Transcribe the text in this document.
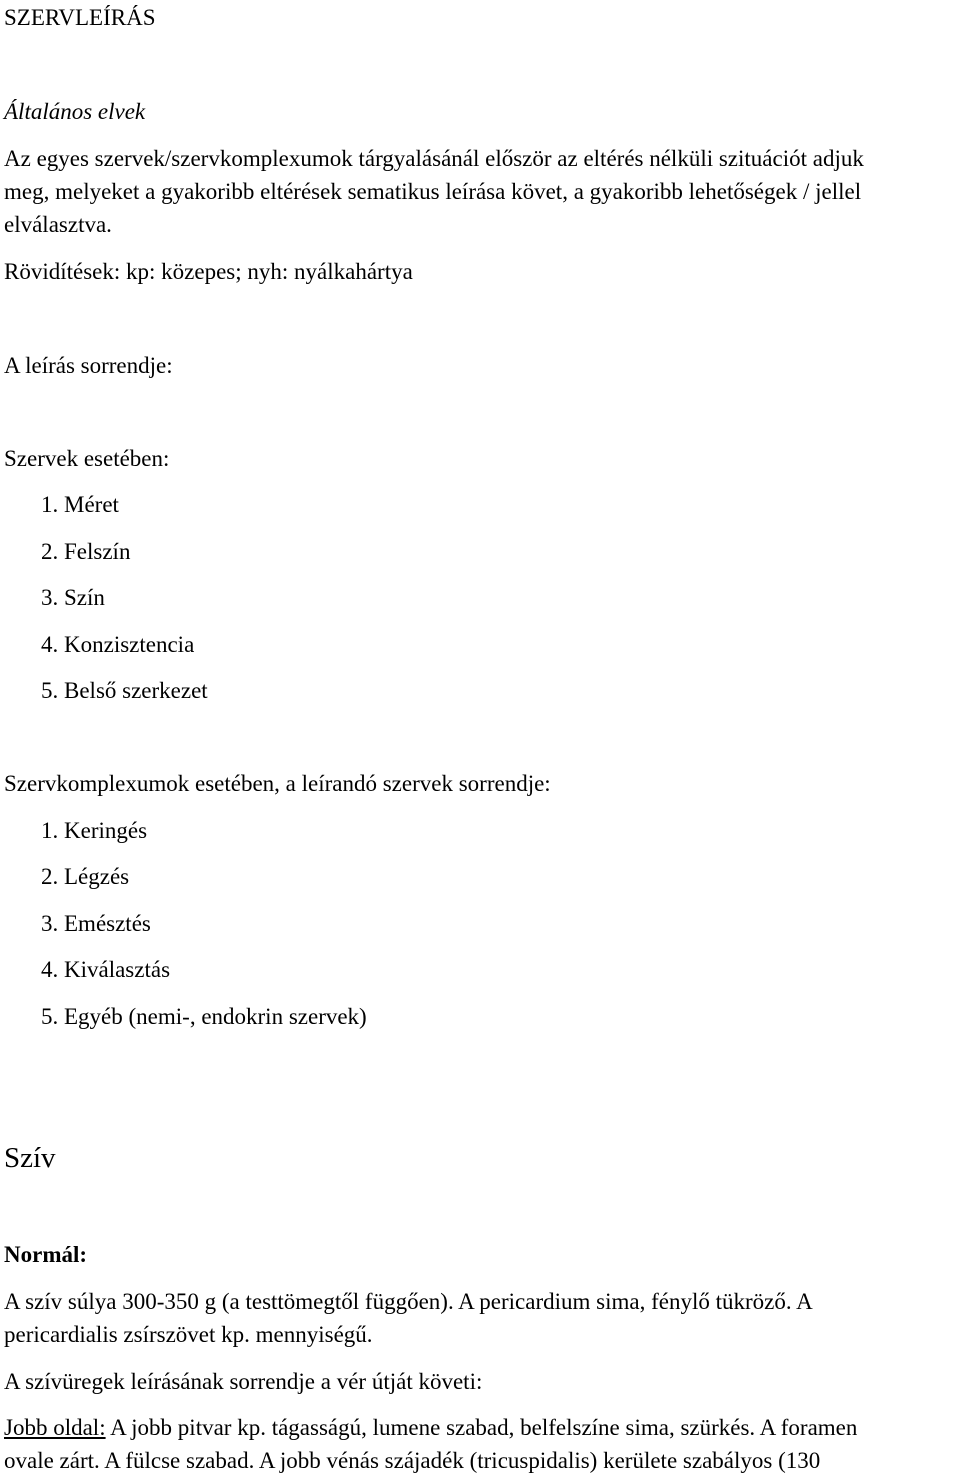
SZERVLEÍRÁS

Általános elvek

Az egyes szervek/szervkomplexumok tárgyalásánál először az eltérés nélküli szituációt adjuk

meg, melyeket a gyakoribb eltérések sematikus leírása követ, a gyakoribb lehetőségek / jellel

elválasztva.

Rövidítések: kp: közepes; nyh: nyálkahártya

A leírás sorrendje:

Szervek esetében:

1. Méret

2. Felszín

3. Szín

4. Konzisztencia

5. Belső szerkezet

Szervkomplexumok esetében, a leírandó szervek sorrendje:

1. Keringés

2. Légzés

3. Emésztés

4. Kiválasztás

5. Egyéb (nemi-, endokrin szervek)

Szív

Normál:

A szív súlya 300-350 g (a testtömegtől függően). A pericardium sima, fénylő tükröző. A

pericardialis zsírszövet kp. mennyiségű.

A szívüregek leírásának sorrendje a vér útját követi:

Jobb oldal: A jobb pitvar kp. tágasságú, lumene szabad, belfelszíne sima, szürkés. A foramen

ovale zárt. A fülcse szabad. A jobb vénás szájadék (tricuspidalis) kerülete szabályos (130
